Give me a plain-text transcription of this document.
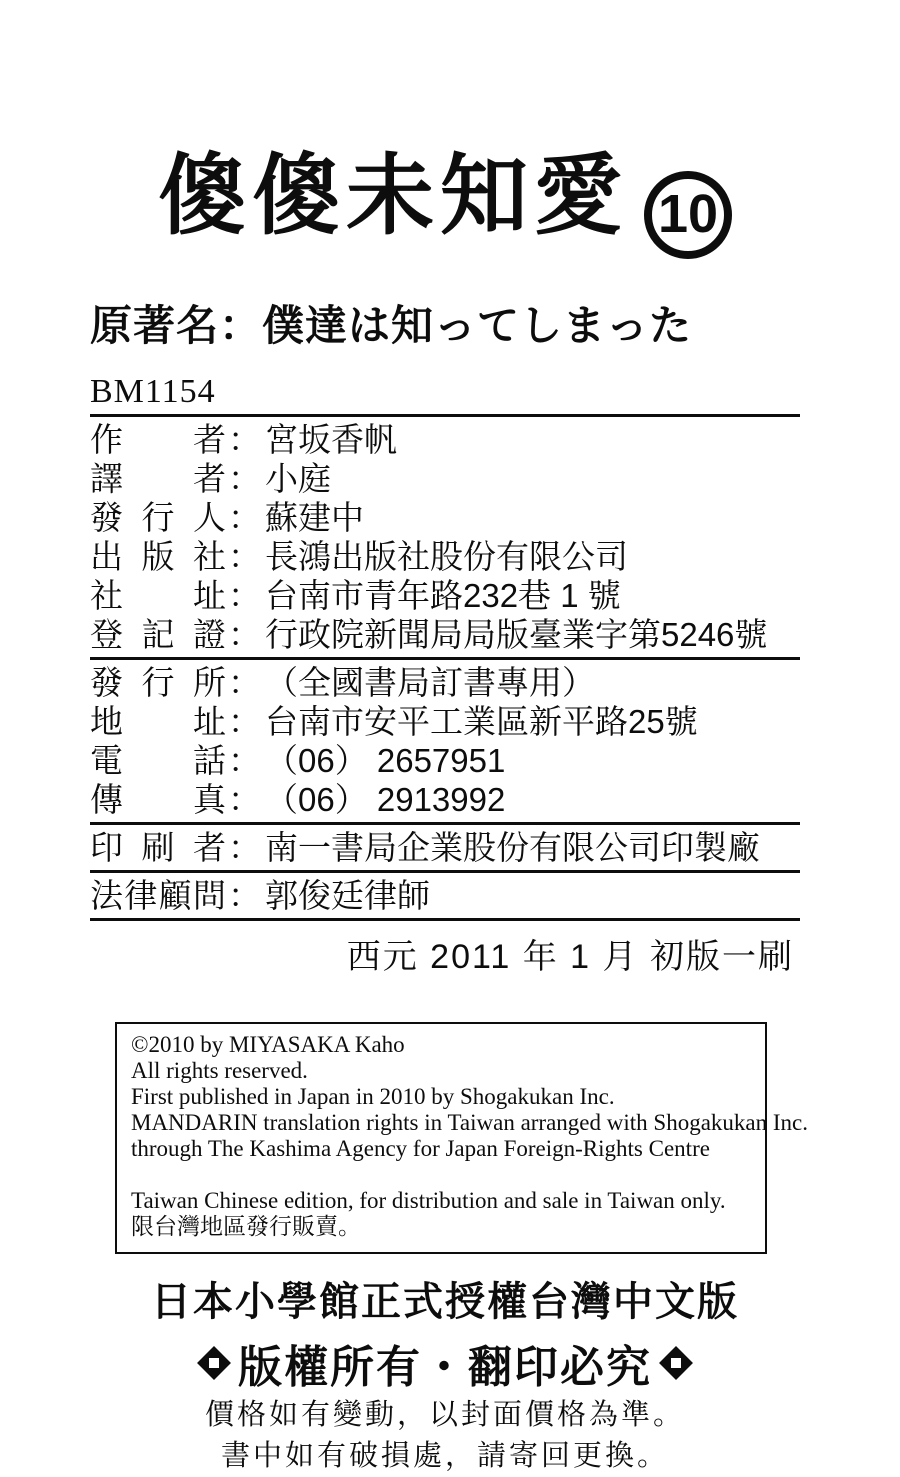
傻傻未知愛 10
原著名：僕達は知ってしまった
BM1154
作者 ： 宮坂香帆
譯者 ： 小庭
發行人 ： 蘇建中
出版社 ： 長鴻出版社股份有限公司
社址 ： 台南市青年路232巷 1 號
登記證 ： 行政院新聞局局版臺業字第5246號
發行所 ： （全國書局訂書專用）
地址 ： 台南市安平工業區新平路25號
電話 ： （06） 2657951
傳真 ： （06） 2913992
印刷者 ： 南一書局企業股份有限公司印製廠
法律顧問 ： 郭俊廷律師
西元 2011 年 1 月 初版一刷
©2010 by MIYASAKA Kaho
All rights reserved.
First published in Japan in 2010 by Shogakukan Inc.
MANDARIN translation rights in Taiwan arranged with Shogakukan Inc.
through The Kashima Agency for Japan Foreign-Rights Centre
Taiwan Chinese edition, for distribution and sale in Taiwan only.
限台灣地區發行販賣。
日本小學館正式授權台灣中文版
版權所有・翻印必究
價格如有變動，以封面價格為準。
書中如有破損處，請寄回更換。
